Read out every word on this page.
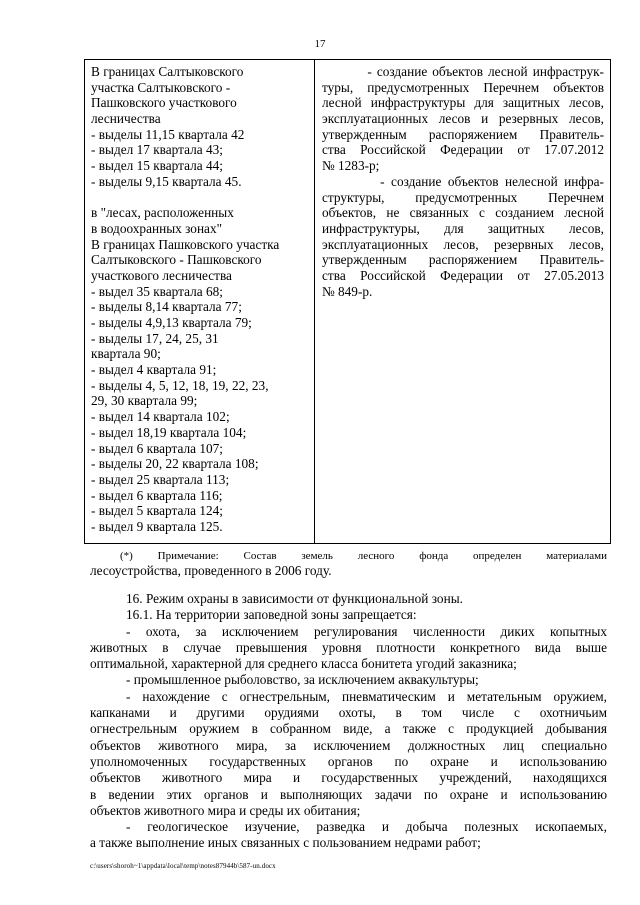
17
В границах Салтыковского
участка Салтыковского -
Пашковского участкового
лесничества
- выделы 11,15 квартала 42
- выдел 17 квартала 43;
- выдел 15 квартала 44;
- выделы 9,15 квартала 45.
в "лесах, расположенных
в водоохранных зонах"
В границах Пашковского участка
Салтыковского - Пашковского
участкового лесничества
- выдел 35 квартала 68;
- выделы 8,14 квартала 77;
- выделы 4,9,13 квартала 79;
- выделы 17, 24, 25, 31
квартала 90;
- выдел 4 квартала 91;
- выделы 4, 5, 12, 18, 19, 22, 23,
29, 30 квартала 99;
- выдел 14 квартала 102;
- выдел 18,19 квартала 104;
- выдел 6 квартала 107;
- выделы 20, 22 квартала 108;
- выдел 25 квартала 113;
- выдел 6 квартала 116;
- выдел 5 квартала 124;
- выдел 9 квартала 125.
- создание объектов лесной инфраструк-
туры, предусмотренных Перечнем объектов
лесной инфраструктуры для защитных лесов,
эксплуатационных лесов и резервных лесов,
утвержденным распоряжением Правитель-
ства Российской Федерации от 17.07.2012
№ 1283-р;
- создание объектов нелесной инфра-
структуры, предусмотренных Перечнем
объектов, не связанных с созданием лесной
инфраструктуры, для защитных лесов,
эксплуатационных лесов, резервных лесов,
утвержденным распоряжением Правитель-
ства Российской Федерации от 27.05.2013
№ 849-р.
(*) Примечание: Состав земель лесного фонда определен материалами
лесоустройства, проведенного в 2006 году.
16. Режим охраны в зависимости от функциональной зоны.
16.1. На территории заповедной зоны запрещается:
- охота, за исключением регулирования численности диких копытных
животных в случае превышения уровня плотности конкретного вида выше
оптимальной, характерной для среднего класса бонитета угодий заказника;
- промышленное рыболовство, за исключением аквакультуры;
- нахождение с огнестрельным, пневматическим и метательным оружием,
капканами и другими орудиями охоты, в том числе с охотничьим
огнестрельным оружием в собранном виде, а также с продукцией добывания
объектов животного мира, за исключением должностных лиц специально
уполномоченных государственных органов по охране и использованию
объектов животного мира и государственных учреждений, находящихся
в ведении этих органов и выполняющих задачи по охране и использованию
объектов животного мира и среды их обитания;
- геологическое изучение, разведка и добыча полезных ископаемых,
а также выполнение иных связанных с пользованием недрами работ;
c:\users\shoroh~1\appdata\local\temp\notes87944b\587-un.docx
